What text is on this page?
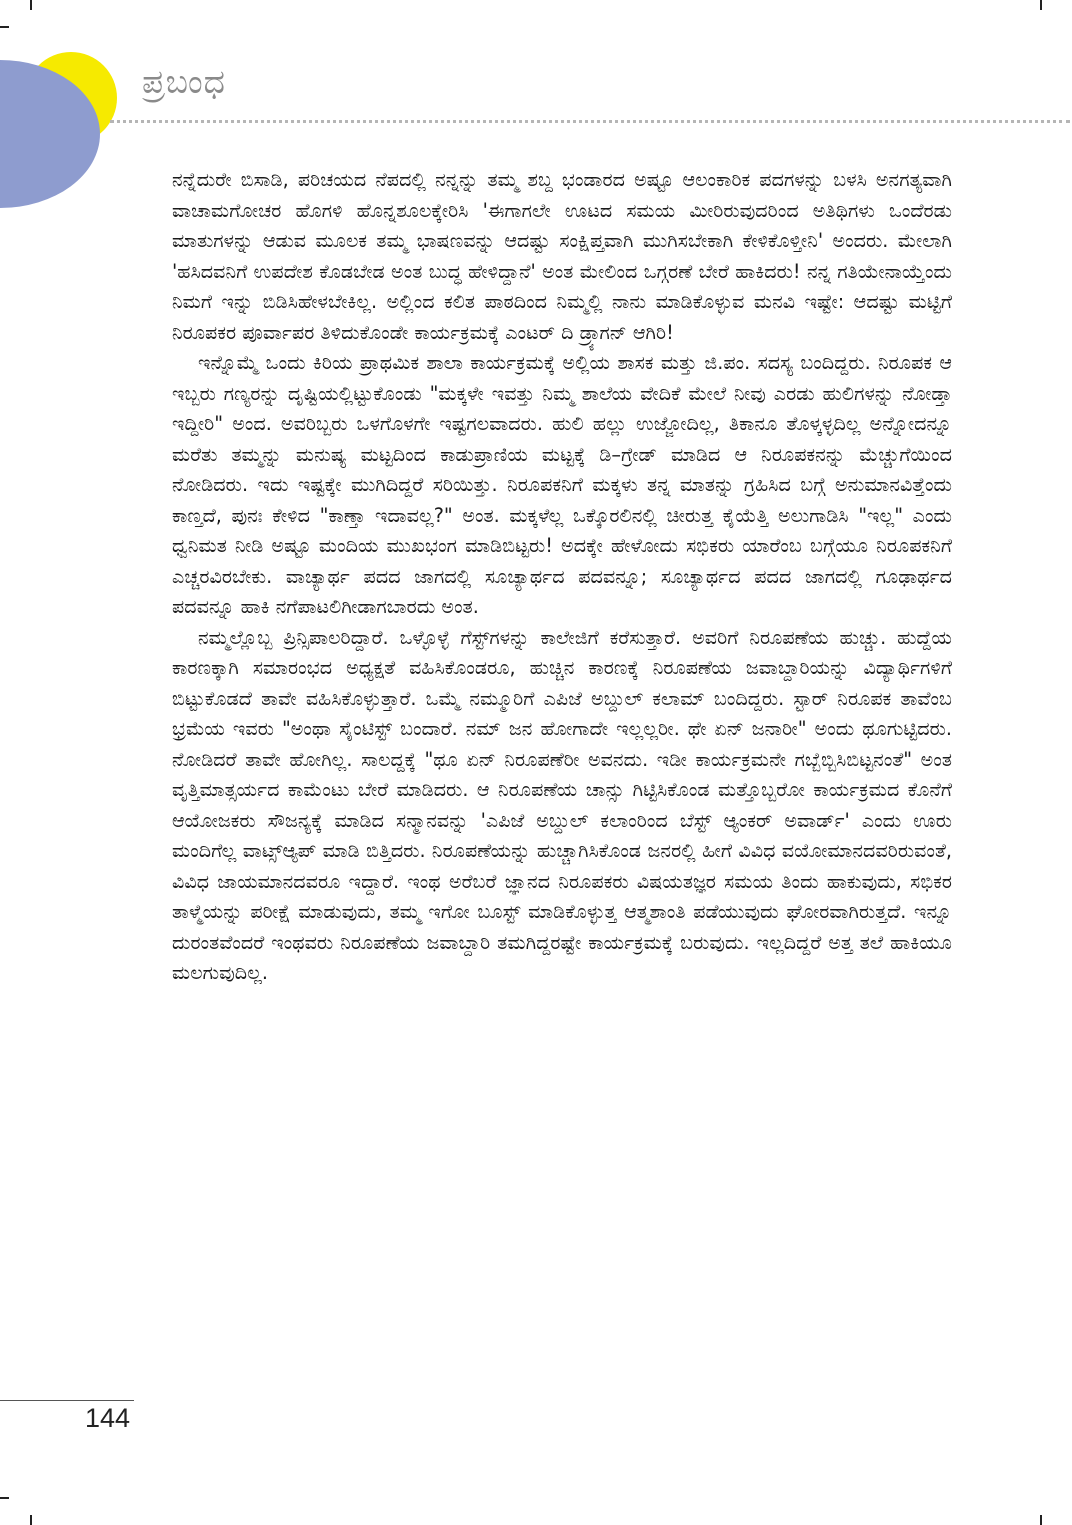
ಪ್ರಬಂಧ

ನನ್ನೆದುರೇ ಬಿಸಾಡಿ, ಪರಿಚಯದ ನೆಪದಲ್ಲಿ ನನ್ನನ್ನು ತಮ್ಮ ಶಬ್ದ ಭಂಡಾರದ ಅಷ್ಟೂ ಆಲಂಕಾರಿಕ ಪದಗಳನ್ನು ಬಳಸಿ ಅನಗತ್ಯವಾಗಿ ವಾಚಾಮಗೋಚರ ಹೊಗಳಿ ಹೊನ್ನಶೂಲಕ್ಕೇರಿಸಿ 'ಈಗಾಗಲೇ ಊಟದ ಸಮಯ ಮೀರಿರುವುದರಿಂದ ಅತಿಥಿಗಳು ಒಂದೆರಡು ಮಾತುಗಳನ್ನು ಆಡುವ ಮೂಲಕ ತಮ್ಮ ಭಾಷಣವನ್ನು ಆದಷ್ಟು ಸಂಕ್ಷಿಪ್ತವಾಗಿ ಮುಗಿಸಬೇಕಾಗಿ ಕೇಳಿಕೊಳ್ತೀನಿ' ಅಂದರು. ಮೇಲಾಗಿ 'ಹಸಿದವನಿಗೆ ಉಪದೇಶ ಕೊಡಬೇಡ ಅಂತ ಬುದ್ಧ ಹೇಳಿದ್ದಾನೆ' ಅಂತ ಮೇಲಿಂದ ಒಗ್ಗರಣೆ ಬೇರೆ ಹಾಕಿದರು! ನನ್ನ ಗತಿಯೇನಾಯ್ತೆಂದು ನಿಮಗೆ ಇನ್ನು ಬಿಡಿಸಿಹೇಳಬೇಕಿಲ್ಲ. ಅಲ್ಲಿಂದ ಕಲಿತ ಪಾಠದಿಂದ ನಿಮ್ಮಲ್ಲಿ ನಾನು ಮಾಡಿಕೊಳ್ಳುವ ಮನವಿ ಇಷ್ಟೇ: ಆದಷ್ಟು ಮಟ್ಟಿಗೆ ನಿರೂಪಕರ ಪೂರ್ವಾಪರ ತಿಳಿದುಕೊಂಡೇ ಕಾರ್ಯಕ್ರಮಕ್ಕೆ ಎಂಟರ್ ದಿ ಡ್ರ್ಯಾಗನ್ ಆಗಿರಿ!

ಇನ್ನೊಮ್ಮೆ ಒಂದು ಕಿರಿಯ ಪ್ರಾಥಮಿಕ ಶಾಲಾ ಕಾರ್ಯಕ್ರಮಕ್ಕೆ ಅಲ್ಲಿಯ ಶಾಸಕ ಮತ್ತು ಜಿ.ಪಂ. ಸದಸ್ಯ ಬಂದಿದ್ದರು. ನಿರೂಪಕ ಆ ಇಬ್ಬರು ಗಣ್ಯರನ್ನು ದೃಷ್ಟಿಯಲ್ಲಿಟ್ಟುಕೊಂಡು "ಮಕ್ಕಳೇ ಇವತ್ತು ನಿಮ್ಮ ಶಾಲೆಯ ವೇದಿಕೆ ಮೇಲೆ ನೀವು ಎರಡು ಹುಲಿಗಳನ್ನು ನೋಡ್ತಾ ಇದ್ದೀರಿ" ಅಂದ. ಅವರಿಬ್ಬರು ಒಳಗೊಳಗೇ ಇಷ್ಟಗಲವಾದರು. ಹುಲಿ ಹಲ್ಲು ಉಜ್ಜೋದಿಲ್ಲ, ತಿಕಾನೂ ತೊಳ್ಕಳ್ಳದಿಲ್ಲ ಅನ್ನೋದನ್ನೂ ಮರೆತು ತಮ್ಮನ್ನು ಮನುಷ್ಯ ಮಟ್ಟದಿಂದ ಕಾಡುಪ್ರಾಣಿಯ ಮಟ್ಟಕ್ಕೆ ಡಿ–ಗ್ರೇಡ್ ಮಾಡಿದ ಆ ನಿರೂಪಕನನ್ನು ಮೆಚ್ಚುಗೆಯಿಂದ ನೋಡಿದರು. ಇದು ಇಷ್ಟಕ್ಕೇ ಮುಗಿದಿದ್ದರೆ ಸರಿಯಿತ್ತು. ನಿರೂಪಕನಿಗೆ ಮಕ್ಕಳು ತನ್ನ ಮಾತನ್ನು ಗ್ರಹಿಸಿದ ಬಗ್ಗೆ ಅನುಮಾನವಿತ್ತೆಂದು ಕಾಣ್ತದೆ, ಪುನಃ ಕೇಳಿದ "ಕಾಣ್ತಾ ಇದಾವಲ್ಲ?" ಅಂತ. ಮಕ್ಕಳೆಲ್ಲ ಒಕ್ಕೊರಲಿನಲ್ಲಿ ಚೀರುತ್ತ ಕೈಯೆತ್ತಿ ಅಲುಗಾಡಿಸಿ "ಇಲ್ಲ" ಎಂದು ಧ್ವನಿಮತ ನೀಡಿ ಅಷ್ಟೂ ಮಂದಿಯ ಮುಖಭಂಗ ಮಾಡಿಬಿಟ್ಟರು! ಅದಕ್ಕೇ ಹೇಳೋದು ಸಭಿಕರು ಯಾರೆಂಬ ಬಗ್ಗೆಯೂ ನಿರೂಪಕನಿಗೆ ಎಚ್ಚರವಿರಬೇಕು. ವಾಚ್ಯಾರ್ಥ ಪದದ ಜಾಗದಲ್ಲಿ ಸೂಚ್ಯಾರ್ಥದ ಪದವನ್ನೂ; ಸೂಚ್ಯಾರ್ಥದ ಪದದ ಜಾಗದಲ್ಲಿ ಗೂಢಾರ್ಥದ ಪದವನ್ನೂ ಹಾಕಿ ನಗೆಪಾಟಲಿಗೀಡಾಗಬಾರದು ಅಂತ.

ನಮ್ಮಲ್ಲೊಬ್ಬ ಪ್ರಿನ್ಸಿಪಾಲರಿದ್ದಾರೆ. ಒಳ್ಳೊಳ್ಳೆ ಗೆಸ್ಟ್‌ಗಳನ್ನು ಕಾಲೇಜಿಗೆ ಕರೆಸುತ್ತಾರೆ. ಅವರಿಗೆ ನಿರೂಪಣೆಯ ಹುಚ್ಚು. ಹುದ್ದೆಯ ಕಾರಣಕ್ಕಾಗಿ ಸಮಾರಂಭದ ಅಧ್ಯಕ್ಷತೆ ವಹಿಸಿಕೊಂಡರೂ, ಹುಚ್ಚಿನ ಕಾರಣಕ್ಕೆ ನಿರೂಪಣೆಯ ಜವಾಬ್ದಾರಿಯನ್ನು ವಿದ್ಯಾರ್ಥಿಗಳಿಗೆ ಬಿಟ್ಟುಕೊಡದೆ ತಾವೇ ವಹಿಸಿಕೊಳ್ಳುತ್ತಾರೆ. ಒಮ್ಮೆ ನಮ್ಮೂರಿಗೆ ಎಪಿಜೆ ಅಬ್ದುಲ್ ಕಲಾಮ್ ಬಂದಿದ್ದರು. ಸ್ಟಾರ್ ನಿರೂಪಕ ತಾವೆಂಬ ಭ್ರಮೆಯ ಇವರು "ಅಂಥಾ ಸೈಂಟಿಸ್ಟ್ ಬಂದಾರೆ. ನಮ್ ಜನ ಹೋಗಾದೇ ಇಲ್ಲಲ್ಲರೀ. ಥೇ ಏನ್ ಜನಾರೀ" ಅಂದು ಥೂಗುಟ್ಟಿದರು. ನೋಡಿದರೆ ತಾವೇ ಹೋಗಿಲ್ಲ. ಸಾಲದ್ದಕ್ಕೆ "ಥೂ ಏನ್ ನಿರೂಪಣೆರೀ ಅವನದು. ಇಡೀ ಕಾರ್ಯಕ್ರಮನೇ ಗಬ್ಬೆಬ್ಬಿಸಿಬಿಟ್ಟನಂತೆ" ಅಂತ ವೃತ್ತಿಮಾತ್ಸರ್ಯದ ಕಾಮೆಂಟು ಬೇರೆ ಮಾಡಿದರು. ಆ ನಿರೂಪಣೆಯ ಚಾನ್ಸು ಗಿಟ್ಟಿಸಿಕೊಂಡ ಮತ್ತೊಬ್ಬರೋ ಕಾರ್ಯಕ್ರಮದ ಕೊನೆಗೆ ಆಯೋಜಕರು ಸೌಜನ್ಯಕ್ಕೆ ಮಾಡಿದ ಸನ್ಮಾನವನ್ನು 'ಎಪಿಜೆ ಅಬ್ದುಲ್ ಕಲಾಂರಿಂದ ಬೆಸ್ಟ್ ಆ್ಯಂಕರ್ ಅವಾರ್ಡ್' ಎಂದು ಊರು ಮಂದಿಗೆಲ್ಲ ವಾಟ್ಸ್‌ಆ್ಯಪ್ ಮಾಡಿ ಬಿತ್ತಿದರು. ನಿರೂಪಣೆಯನ್ನು ಹುಚ್ಚಾಗಿಸಿಕೊಂಡ ಜನರಲ್ಲಿ ಹೀಗೆ ವಿವಿಧ ವಯೋಮಾನದವರಿರುವಂತೆ, ವಿವಿಧ ಜಾಯಮಾನದವರೂ ಇದ್ದಾರೆ. ಇಂಥ ಅರೆಬರೆ ಜ್ಞಾನದ ನಿರೂಪಕರು ವಿಷಯತಜ್ಞರ ಸಮಯ ತಿಂದು ಹಾಕುವುದು, ಸಭಿಕರ ತಾಳ್ಮೆಯನ್ನು ಪರೀಕ್ಷೆ ಮಾಡುವುದು, ತಮ್ಮ ಇಗೋ ಬೂಸ್ಟ್ ಮಾಡಿಕೊಳ್ಳುತ್ತ ಆತ್ಮಶಾಂತಿ ಪಡೆಯುವುದು ಘೋರವಾಗಿರುತ್ತದೆ. ಇನ್ನೂ ದುರಂತವೆಂದರೆ ಇಂಥವರು ನಿರೂಪಣೆಯ ಜವಾಬ್ದಾರಿ ತಮಗಿದ್ದರಷ್ಟೇ ಕಾರ್ಯಕ್ರಮಕ್ಕೆ ಬರುವುದು. ಇಲ್ಲದಿದ್ದರೆ ಅತ್ತ ತಲೆ ಹಾಕಿಯೂ ಮಲಗುವುದಿಲ್ಲ.

144
